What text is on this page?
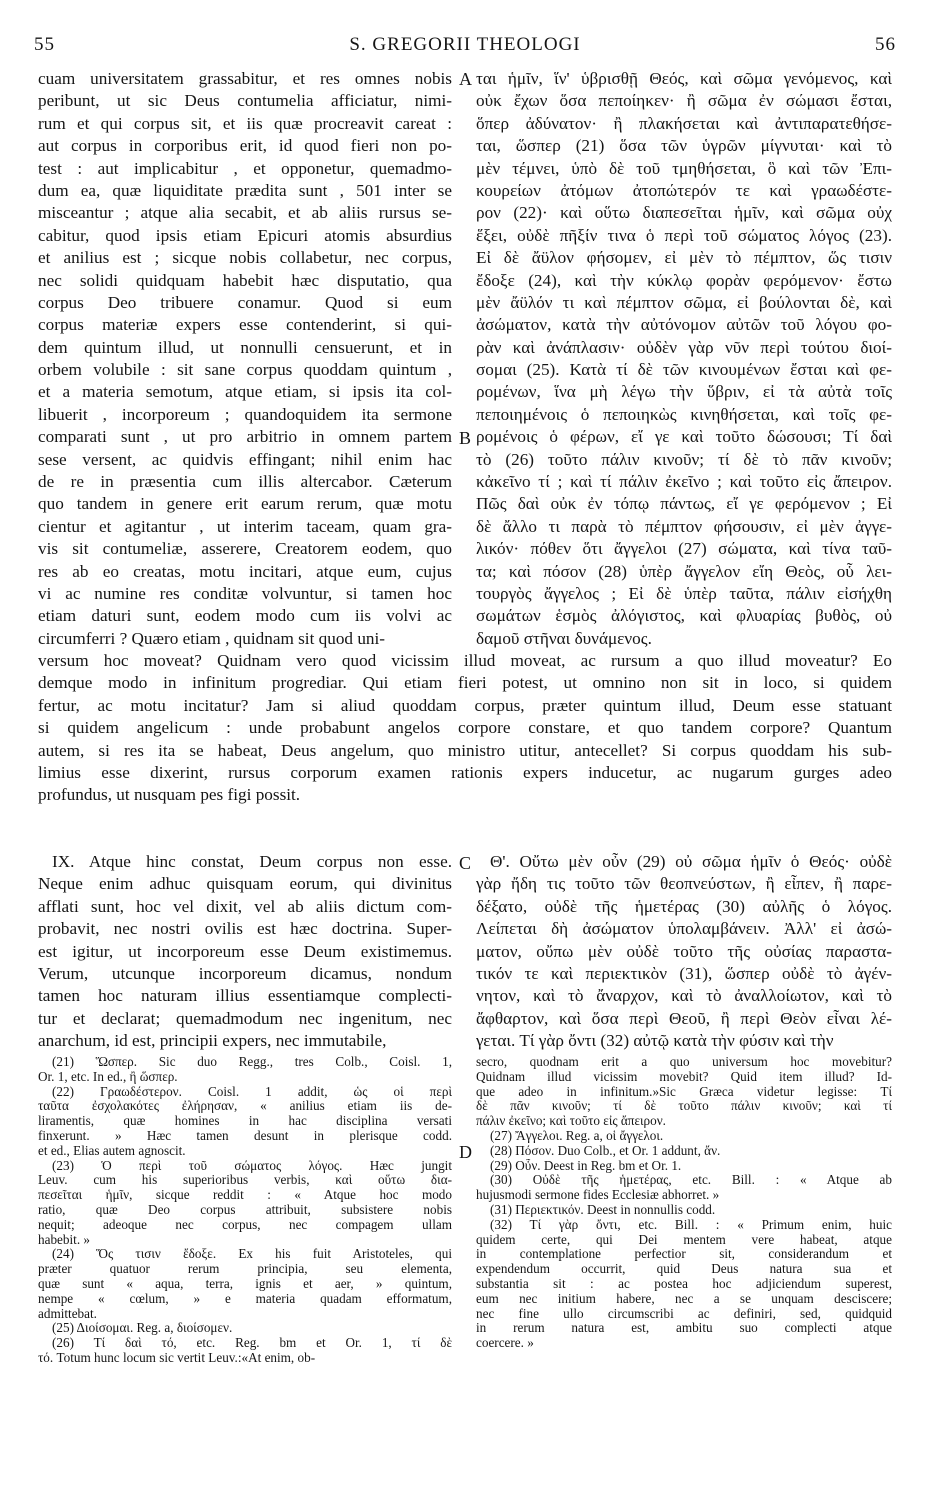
55	S. GREGORII THEOLOGI	56
A
B
C
D
cuam universitatem grassabitur, et res omnes nobis
peribunt, ut sic Deus contumelia afficiatur, nimi-
rum et qui corpus sit, et iis quæ procreavit careat :
aut corpus in corporibus erit, id quod fieri non po-
test : aut implicabitur , et opponetur, quemadmo-
dum ea, quæ liquiditate prædita sunt , 501 inter se
misceantur ; atque alia secabit, et ab aliis rursus se-
cabitur, quod ipsis etiam Epicuri atomis absurdius
et anilius est ; sicque nobis collabetur, nec corpus,
nec solidi quidquam habebit hæc disputatio, qua
corpus Deo tribuere conamur. Quod si eum
corpus materiæ expers esse contenderint, si qui-
dem quintum illud, ut nonnulli censuerunt, et in
orbem volubile : sit sane corpus quoddam quintum ,
et a materia semotum, atque etiam, si ipsis ita col-
libuerit , incorporeum ; quandoquidem ita sermone
comparati sunt , ut pro arbitrio in omnem partem
sese versent, ac quidvis effingant; nihil enim hac
de re in præsentia cum illis altercabor. Cæterum
quo tandem in genere erit earum rerum, quæ motu
cientur et agitantur , ut interim taceam, quam gra-
vis sit contumeliæ, asserere, Creatorem eodem, quo
res ab eo creatas, motu incitari, atque eum, cujus
vi ac numine res conditæ volvuntur, si tamen hoc
etiam daturi sunt, eodem modo cum iis volvi ac
circumferri ? Quæro etiam , quidnam sit quod uni-
ται ἡμῖν, ἵν' ὑβρισθῇ Θεός, καὶ σῶμα γενόμενος, καὶ
οὐκ ἔχων ὅσα πεποίηκεν· ἢ σῶμα ἐν σώμασι ἔσται,
ὅπερ ἀδύνατον· ἢ πλακήσεται καὶ ἀντιπαρατεθήσε-
ται, ὥσπερ (21) ὅσα τῶν ὑγρῶν μίγνυται· καὶ τὸ
μὲν τέμνει, ὑπὸ δὲ τοῦ τμηθήσεται, ὃ καὶ τῶν Ἐπι-
κουρείων ἀτόμων ἀτοπώτερόν τε καὶ γραωδέστε-
ρον (22)· καὶ οὕτω διαπεσεῖται ἡμῖν, καὶ σῶμα οὐχ
ἕξει, οὐδὲ πῆξίν τινα ὁ περὶ τοῦ σώματος λόγος (23).
Εἰ δὲ ἄϋλον φήσομεν, εἰ μὲν τὸ πέμπτον, ὥς τισιν
ἔδοξε (24), καὶ τὴν κύκλῳ φορὰν φερόμενον· ἔστω
μὲν ἄϋλόν τι καὶ πέμπτον σῶμα, εἰ βούλονται δὲ, καὶ
ἀσώματον, κατὰ τὴν αὐτόνομον αὐτῶν τοῦ λόγου φο-
ρὰν καὶ ἀνάπλασιν· οὐδὲν γὰρ νῦν περὶ τούτου διοί-
σομαι (25). Κατὰ τί δὲ τῶν κινουμένων ἔσται καὶ φε-
ρομένων, ἵνα μὴ λέγω τὴν ὕβριν, εἰ τὰ αὐτὰ τοῖς
πεποιημένοις ὁ πεποιηκὼς κινηθήσεται, καὶ τοῖς φε-
ρομένοις ὁ φέρων, εἴ γε καὶ τοῦτο δώσουσι; Τί δαὶ
τὸ (26) τοῦτο πάλιν κινοῦν; τί δὲ τὸ πᾶν κινοῦν;
κἀκεῖνο τί ; καὶ τί πάλιν ἐκεῖνο ; καὶ τοῦτο εἰς ἄπειρον.
Πῶς δαὶ οὐκ ἐν τόπῳ πάντως, εἴ γε φερόμενον ; Εἰ
δὲ ἄλλο τι παρὰ τὸ πέμπτον φήσουσιν, εἰ μὲν ἀγγε-
λικόν· πόθεν ὅτι ἄγγελοι (27) σώματα, καὶ τίνα ταῦ-
τα; καὶ πόσον (28) ὑπὲρ ἄγγελον εἴη Θεὸς, οὗ λει-
τουργὸς ἄγγελος ; Εἰ δὲ ὑπὲρ ταῦτα, πάλιν εἰσήχθη
σωμάτων ἑσμὸς ἀλόγιστος, καὶ φλυαρίας βυθὸς, οὐ
δαμοῦ στῆναι δυνάμενος.
versum hoc moveat? Quidnam vero quod vicissim illud moveat, ac rursum a quo illud moveatur? Eo
demque modo in infinitum progrediar. Qui etiam fieri potest, ut omnino non sit in loco, si quidem
fertur, ac motu incitatur? Jam si aliud quoddam corpus, præter quintum illud, Deum esse statuant
si quidem angelicum : unde probabunt angelos corpore constare, et quo tandem corpore? Quantum
autem, si res ita se habeat, Deus angelum, quo ministro utitur, antecellet? Si corpus quoddam his sub-
limius esse dixerint, rursus corporum examen rationis expers inducetur, ac nugarum gurges adeo
profundus, ut nusquam pes figi possit.
IX. Atque hinc constat, Deum corpus non esse.
Neque enim adhuc quisquam eorum, qui divinitus
afflati sunt, hoc vel dixit, vel ab aliis dictum com-
probavit, nec nostri ovilis est hæc doctrina. Super-
est igitur, ut incorporeum esse Deum existimemus.
Verum, utcunque incorporeum dicamus, nondum
tamen hoc naturam illius essentiamque complecti-
tur et declarat; quemadmodum nec ingenitum, nec
anarchum, id est, principii expers, nec immutabile,
Θ'. Οὔτω μὲν οὖν (29) οὐ σῶμα ἡμῖν ὁ Θεός· οὐδὲ
γὰρ ἤδη τις τοῦτο τῶν θεοπνεύστων, ἢ εἶπεν, ἢ παρε-
δέξατο, οὐδὲ τῆς ἡμετέρας (30) αὐλῆς ὁ λόγος.
Λείπεται δὴ ἀσώματον ὑπολαμβάνειν. Ἀλλ' εἰ ἀσώ-
ματον, οὔπω μὲν οὐδὲ τοῦτο τῆς οὐσίας παραστα-
τικόν τε καὶ περιεκτικὸν (31), ὥσπερ οὐδὲ τὸ ἀγέν-
νητον, καὶ τὸ ἄναρχον, καὶ τὸ ἀναλλοίωτον, καὶ τὸ
ἄφθαρτον, καὶ ὅσα περὶ Θεοῦ, ἢ περὶ Θεὸν εἶναι λέ-
γεται. Τί γὰρ ὄντι (32) αὐτῷ κατὰ τὴν φύσιν καὶ τὴν
(21) Ὥσπερ. Sic duo Regg., tres Colb., Coisl. 1,
Or. 1, etc. In ed., ἢ ὥσπερ.
(22) Γραωδέστερον. Coisl. 1 addit, ὡς οἱ περὶ
ταῦτα ἐσχολακότες ἐλήρησαν, « anilius etiam iis de-
liramentis, quæ homines in hac disciplina versati
finxerunt. » Hæc tamen desunt in plerisque codd.
et ed., Elias autem agnoscit.
(23) Ὁ περὶ τοῦ σώματος λόγος. Hæc jungit
Leuv. cum his superioribus verbis, καὶ οὕτω δια-
πεσεῖται ἡμῖν, sicque reddit : « Atque hoc modo
ratio, quæ Deo corpus attribuit, subsistere nobis
nequit; adeoque nec corpus, nec compagem ullam
habebit. »
(24) Ὅς τισιν ἔδοξε. Ex his fuit Aristoteles, qui
præter quatuor rerum principia, seu elementa,
quæ sunt « aqua, terra, ignis et aer, » quintum,
nempe « cœlum, » e materia quadam efformatum,
admittebat.
(25) Διοίσομαι. Reg. a, διοίσομεν.
(26) Τί δαὶ τό, etc. Reg. bm et Or. 1, τί δὲ
τό. Totum hunc locum sic vertit Leuv.:«At enim, ob-
secro, quodnam erit a quo universum hoc movebitur?
Quidnam illud vicissim movebit? Quid item illud? Id-
que adeo in infinitum.»Sic Græca videtur legisse: Τί
δὲ πᾶν κινοῦν; τί δὲ τοῦτο πάλιν κινοῦν; καὶ τί
πάλιν ἐκεῖνο; καὶ τοῦτο εἰς ἄπειρον.
(27) Ἄγγελοι. Reg. a, οἱ ἄγγελοι.
(28) Πόσον. Duo Colb., et Or. 1 addunt, ἄν.
(29) Οὖν. Deest in Reg. bm et Or. 1.
(30) Οὐδὲ τῆς ἡμετέρας, etc. Bill. : « Atque ab
hujusmodi sermone fides Ecclesiæ abhorret. »
(31) Περιεκτικόν. Deest in nonnullis codd.
(32) Τί γὰρ ὄντι, etc. Bill. : « Primum enim, huic
quidem certe, qui Dei mentem vere habeat, atque
in contemplatione perfectior sit, considerandum et
expendendum occurrit, quid Deus natura sua et
substantia sit : ac postea hoc adjiciendum superest,
eum nec initium habere, nec a se unquam desciscere;
nec fine ullo circumscribi ac definiri, sed, quidquid
in rerum natura est, ambitu suo complecti atque
coercere. »
